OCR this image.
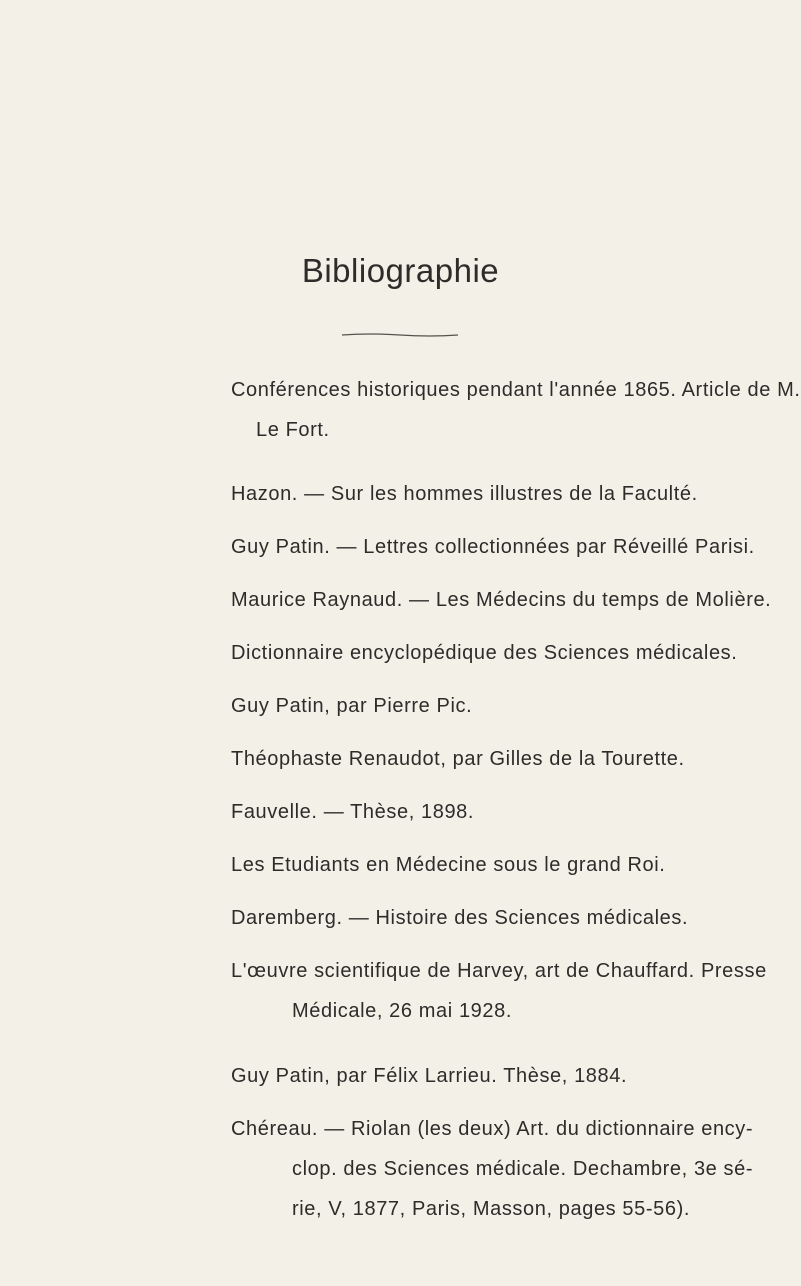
Bibliographie
Conférences historiques pendant l'année 1865. Article de M.
Le Fort.
Hazon. — Sur les hommes illustres de la Faculté.
Guy Patin. — Lettres collectionnées par Réveillé Parisi.
Maurice Raynaud. — Les Médecins du temps de Molière.
Dictionnaire encyclopédique des Sciences médicales.
Guy Patin, par Pierre Pic.
Théophaste Renaudot, par Gilles de la Tourette.
Fauvelle. — Thèse, 1898.
Les Etudiants en Médecine sous le grand Roi.
Daremberg. — Histoire des Sciences médicales.
L'œuvre scientifique de Harvey, art de Chauffard. Presse
Médicale, 26 mai 1928.
Guy Patin, par Félix Larrieu. Thèse, 1884.
Chéreau. — Riolan (les deux) Art. du dictionnaire ency-
clop. des Sciences médicale. Dechambre, 3e sé-
rie, V, 1877, Paris, Masson, pages 55-56).
